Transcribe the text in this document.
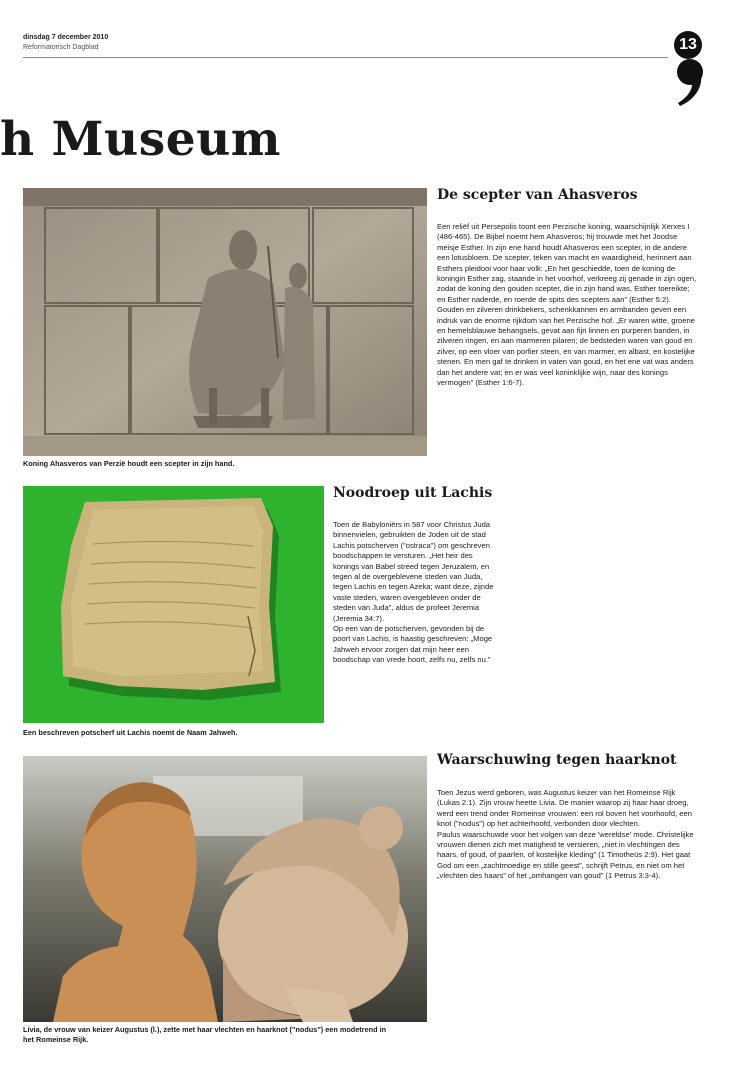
dinsdag 7 december 2010
Reformatorisch Dagblad	13
h Museum
Koning Ahasveros van Perzië houdt een scepter in zijn hand.
De scepter van Ahasveros

Een reliëf uit Persepolis toont een Perzische koning, waarschijnlijk Xerxes I (486-465). De Bijbel noemt hem Ahasveros; hij trouwde met het Joodse meisje Esther. In zijn ene hand houdt Ahasveros een scepter, in de andere een lotusbloem. De scepter, teken van macht en waardigheid, herinnert aan Esthers pleidooi voor haar volk: „En het geschiedde, toen de koning de koningin Esther zag, staande in het voorhof, verkreeg zij genade in zijn ogen, zodat de koning den gouden scepter, die in zijn hand was, Esther toereikte; en Esther naderde, en roerde de spits des scepters aan” (Esther 5:2).

Gouden en zilveren drinkbekers, schenkkannen en armbanden geven een indruk van de enorme rijkdom van het Perzische hof. „Er waren witte, groene en hemelsblauwe behangsels, gevat aan fijn linnen en purperen banden, in zilveren ringen, en aan marmeren pilaren; de bedsteden waren van goud en zilver, op een vloer van porfier steen, en van marmer, en albast, en kostelijke stenen. En men gaf te drinken in vaten van goud, en het ene vat was anders dan het andere vat; en er was veel koninklijke wijn, naar des konings vermogen” (Esther 1:6-7).

Een beschreven potscherf uit Lachis noemt de Naam Jahweh.
Noodroep uit Lachis

Toen de Babyloniërs in 587 voor Christus Juda binnenvielen, gebruikten de Joden uit de stad Lachis potscherven ("ostraca") om geschreven boodschappen te versturen. „Het heir des konings van Babel streed tegen Jeruzalem, en tegen al de overgeblevene steden van Juda, tegen Lachis en tegen Azeka; want deze, zijnde vaste steden, waren overgebleven onder de steden van Juda”, aldus de profeet Jeremia (Jeremia 34:7).

Op een van de potscherven, gevonden bij de poort van Lachis, is haastig geschreven: „Moge Jahweh ervoor zorgen dat mijn heer een boodschap van vrede hoort, zelfs nu, zelfs nu.”

Livia, de vrouw van keizer Augustus (l.), zette met haar vlechten en haarknot ("nodus") een modetrend in het Romeinse Rijk.
Waarschuwing tegen haarknot

Toen Jezus werd geboren, was Augustus keizer van het Romeinse Rijk (Lukas 2:1). Zijn vrouw heette Livia. De manier waarop zij haar haar droeg, werd een trend onder Romeinse vrouwen: een rol boven het voorhoofd, een knot ("nodus") op het achterhoofd, verbonden door vlechten.

Paulus waarschuwde voor het volgen van deze 'wereldse' mode. Christelijke vrouwen dienen zich met matigheid te versieren, „niet in vlechtingen des haars, of goud, of paarlen, of kostelijke kleding” (1 Timotheüs 2:9). Het gaat God om een „zachtmoedige en stille geest”, schrijft Petrus, en niet om het „vlechten des haars” of het „omhangen van goud” (1 Petrus 3:3-4).
